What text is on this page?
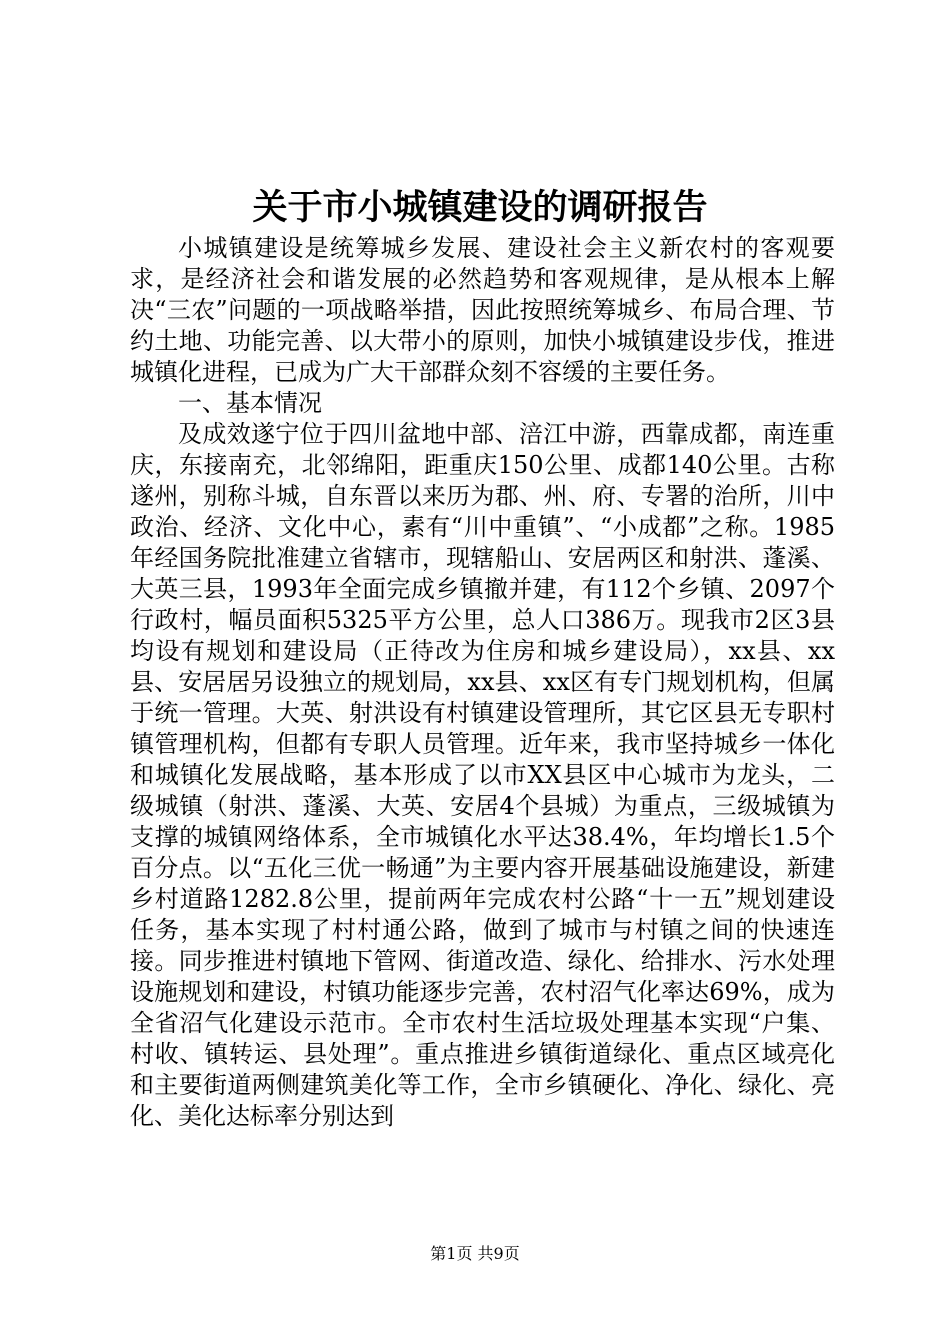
关于市小城镇建设的调研报告

小城镇建设是统筹城乡发展、建设社会主义新农村的客观要求，是经济社会和谐发展的必然趋势和客观规律，是从根本上解决“三农”问题的一项战略举措，因此按照统筹城乡、布局合理、节约土地、功能完善、以大带小的原则，加快小城镇建设步伐，推进城镇化进程，已成为广大干部群众刻不容缓的主要任务。

一、基本情况

及成效遂宁位于四川盆地中部、涪江中游，西靠成都，南连重庆，东接南充，北邻绵阳，距重庆150公里、成都140公里。古称遂州，别称斗城，自东晋以来历为郡、州、府、专署的治所，川中政治、经济、文化中心，素有“川中重镇”、“小成都”之称。1985年经国务院批准建立省辖市，现辖船山、安居两区和射洪、蓬溪、大英三县，1993年全面完成乡镇撤并建，有112个乡镇、2097个行政村，幅员面积5325平方公里，总人口386万。现我市2区3县均设有规划和建设局（正待改为住房和城乡建设局），xx县、xx县、安居居另设独立的规划局，xx县、xx区有专门规划机构，但属于统一管理。大英、射洪设有村镇建设管理所，其它区县无专职村镇管理机构，但都有专职人员管理。近年来，我市坚持城乡一体化和城镇化发展战略，基本形成了以市XX县区中心城市为龙头，二级城镇（射洪、蓬溪、大英、安居4个县城）为重点，三级城镇为支撑的城镇网络体系，全市城镇化水平达38.4%，年均增长1.5个百分点。以“五化三优一畅通”为主要内容开展基础设施建设，新建乡村道路1282.8公里，提前两年完成农村公路“十一五”规划建设任务，基本实现了村村通公路，做到了城市与村镇之间的快速连接。同步推进村镇地下管网、街道改造、绿化、给排水、污水处理设施规划和建设，村镇功能逐步完善，农村沼气化率达69%，成为全省沼气化建设示范市。全市农村生活垃圾处理基本实现“户集、村收、镇转运、县处理”。重点推进乡镇街道绿化、重点区域亮化和主要街道两侧建筑美化等工作，全市乡镇硬化、净化、绿化、亮化、美化达标率分别达到

第1页 共9页
